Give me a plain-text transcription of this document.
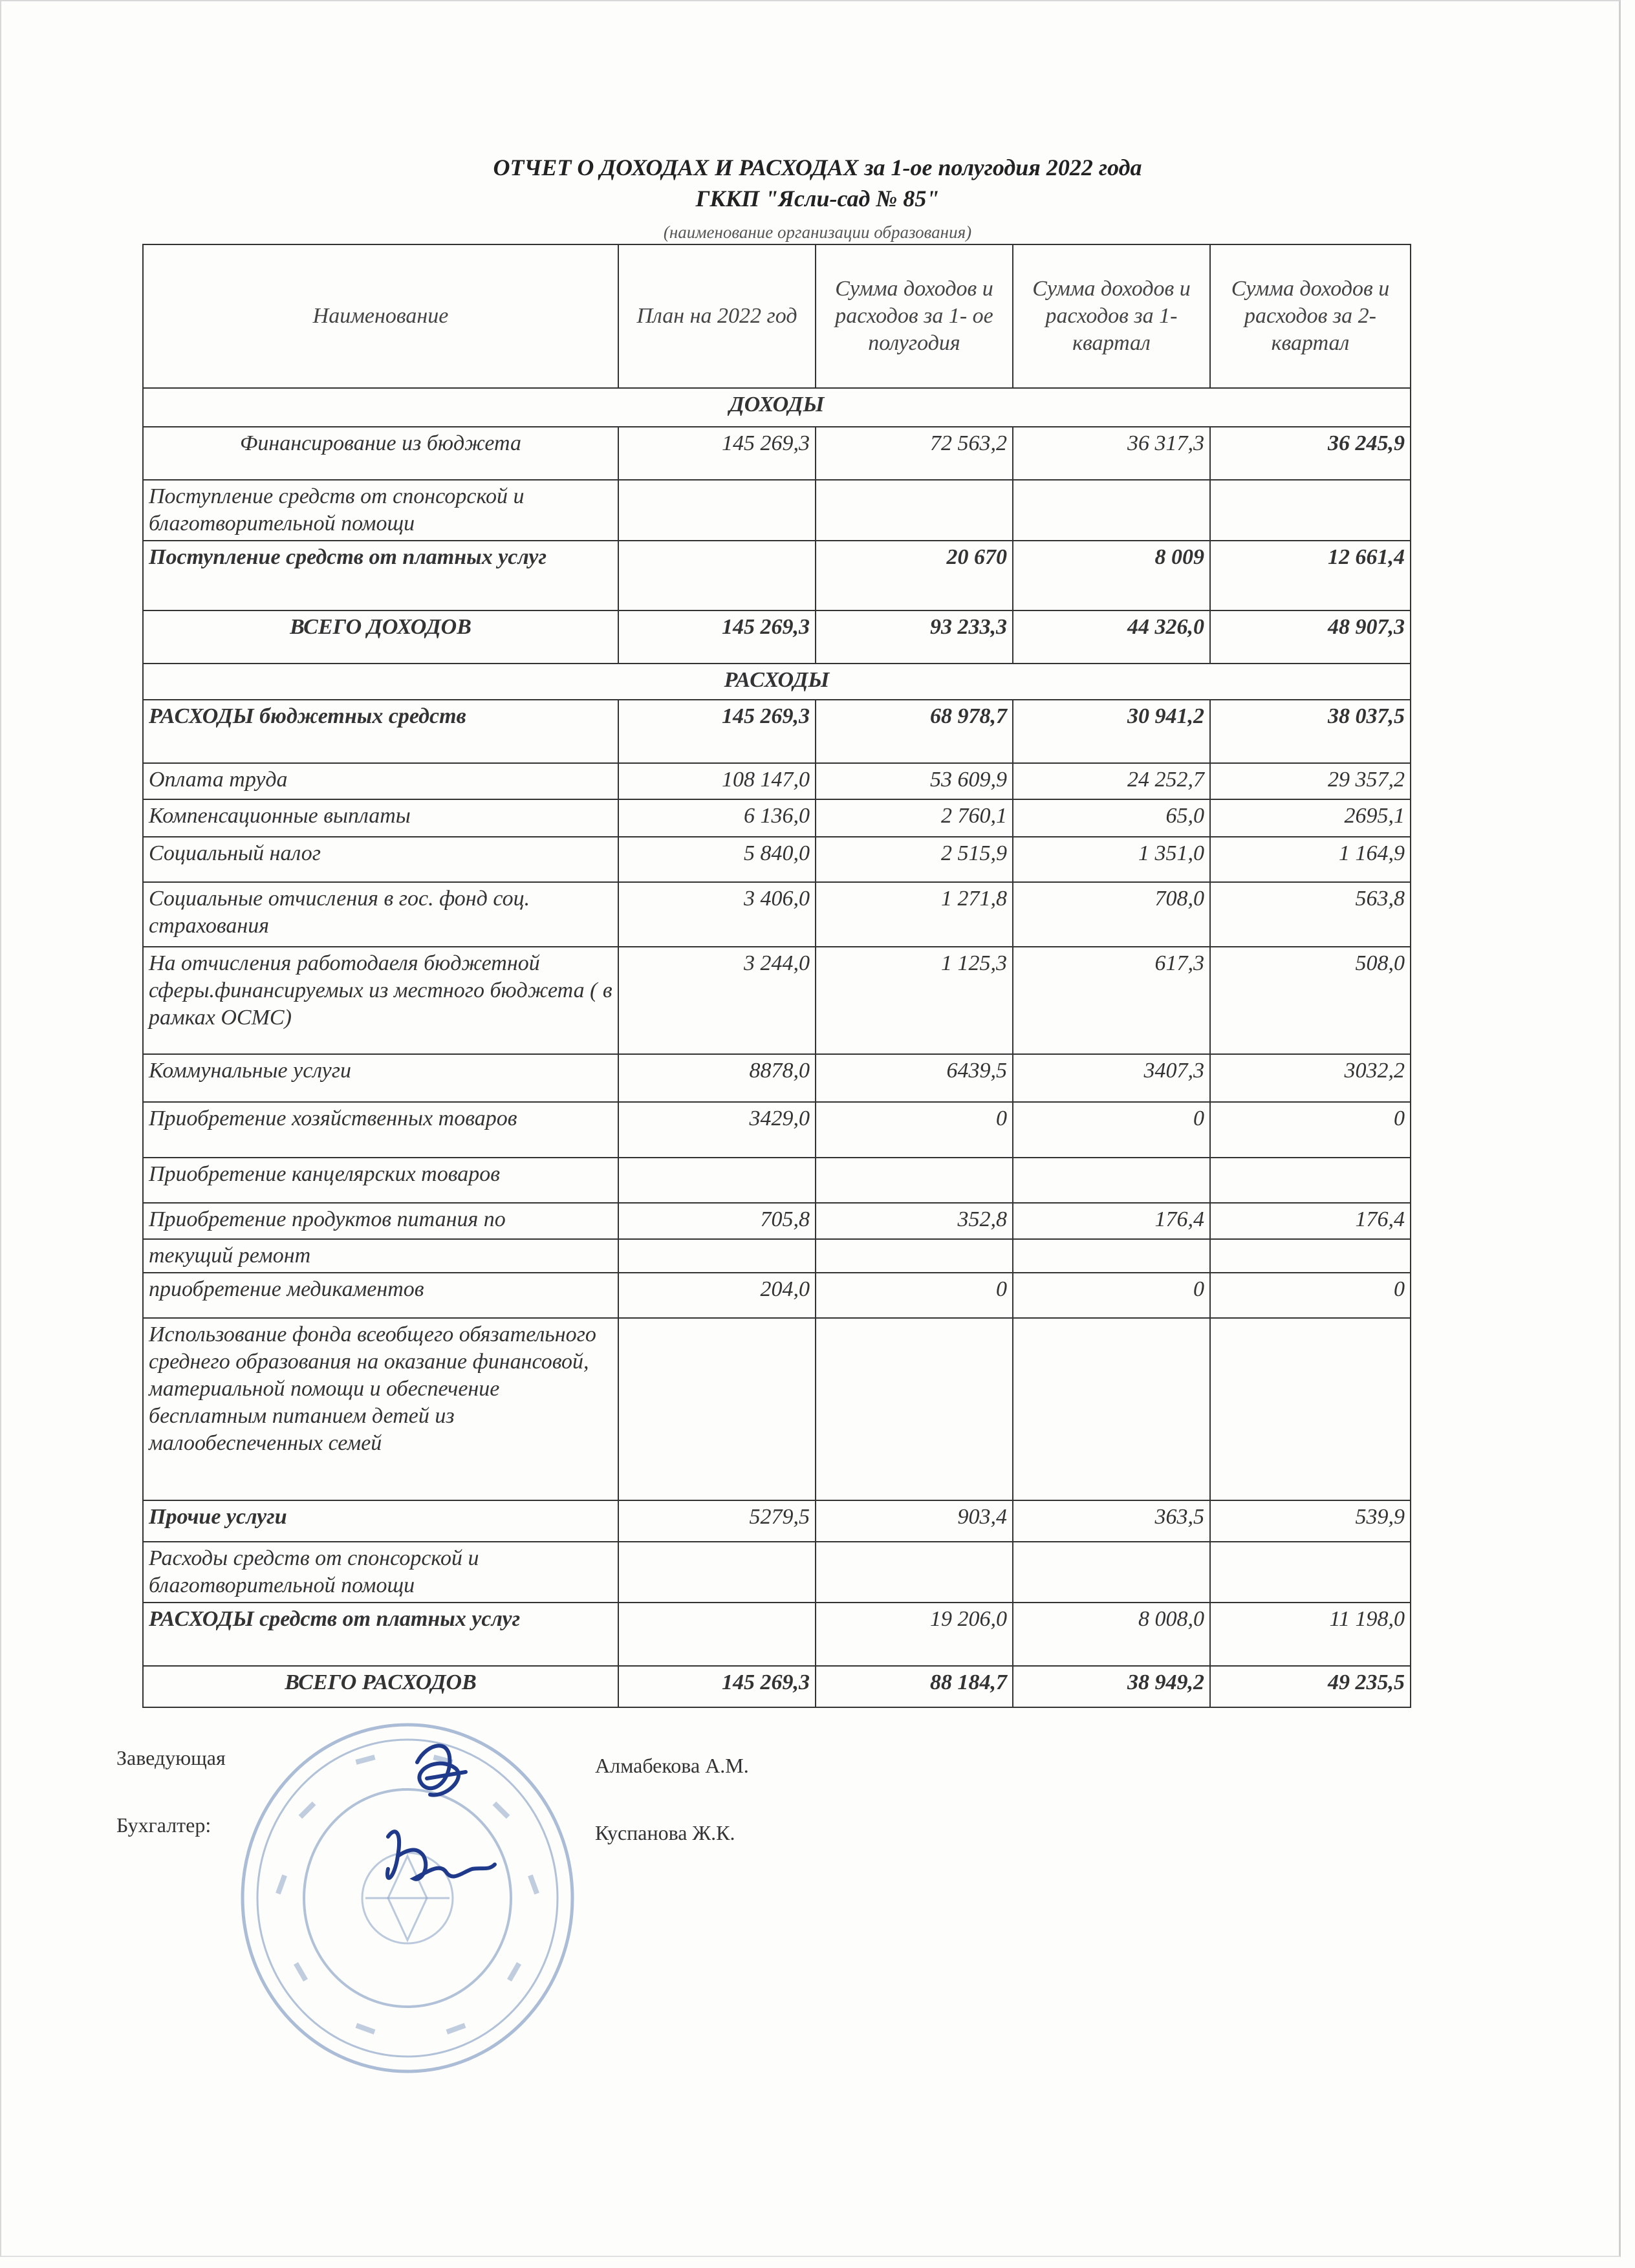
ОТЧЕТ О ДОХОДАХ И РАСХОДАХ за 1-ое полугодия 2022 года
ГККП "Ясли-сад № 85"
(наименование организации образования)
Наименование	План на 2022 год	Сумма доходов и расходов за 1- ое полугодия	Сумма доходов и расходов за 1- квартал	Сумма доходов и расходов за 2- квартал
ДОХОДЫ				
Финансирование из бюджета	145 269,3	72 563,2	36 317,3	36 245,9
Поступление средств от спонсорской и благотворительной помощи				
Поступление средств от платных услуг		20 670	8 009	12 661,4
ВСЕГО ДОХОДОВ	145 269,3	93 233,3	44 326,0	48 907,3
РАСХОДЫ				
РАСХОДЫ бюджетных средств	145 269,3	68 978,7	30 941,2	38 037,5
Оплата труда	108 147,0	53 609,9	24 252,7	29 357,2
Компенсационные выплаты	6 136,0	2 760,1	65,0	2695,1
Социальный налог	5 840,0	2 515,9	1 351,0	1 164,9
Социальные отчисления в гос. фонд соц. страхования	3 406,0	1 271,8	708,0	563,8
На отчисления работодаеля бюджетной сферы.финансируемых из местного бюджета ( в рамках ОСМС)	3 244,0	1 125,3	617,3	508,0
Коммунальные услуги	8878,0	6439,5	3407,3	3032,2
Приобретение хозяйственных товаров	3429,0	0	0	0
Приобретение канцелярских товаров				
Приобретение продуктов питания по	705,8	352,8	176,4	176,4
текущий ремонт				
приобретение медикаментов	204,0	0	0	0
Использование фонда всеобщего обязательного среднего образования на оказание финансовой, материальной помощи и обеспечение бесплатным питанием детей из малообеспеченных семей				
Прочие услуги	5279,5	903,4	363,5	539,9
Расходы средств от спонсорской и благотворительной помощи				
РАСХОДЫ средств от платных услуг		19 206,0	8 008,0	11 198,0
ВСЕГО РАСХОДОВ	145 269,3	88 184,7	38 949,2	49 235,5
Заведующая	Алмабекова А.М.
Бухгалтер:	Куспанова Ж.К.
